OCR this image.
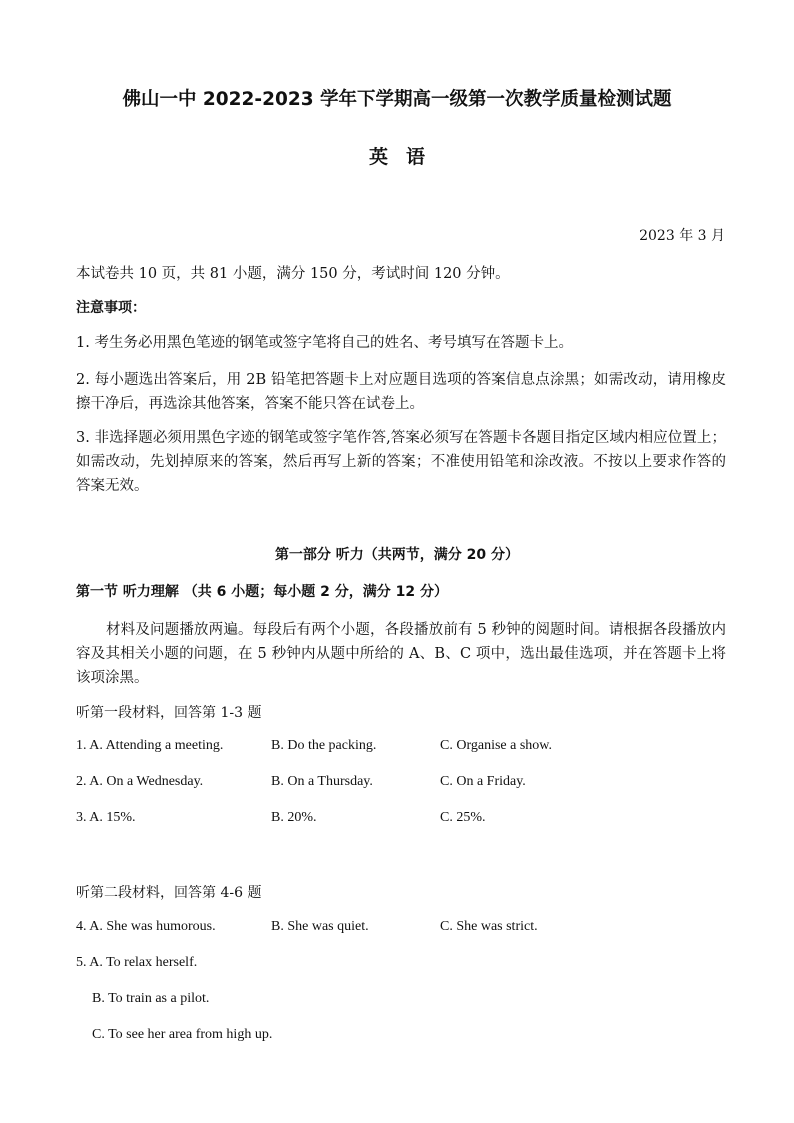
佛山一中 2022-2023 学年下学期高一级第一次教学质量检测试题
英语
2023 年 3 月
本试卷共 10 页，共 81 小题，满分 150 分，考试时间 120 分钟。
注意事项：
1. 考生务必用黑色笔迹的钢笔或签字笔将自己的姓名、考号填写在答题卡上。
2. 每小题选出答案后，用 2B 铅笔把答题卡上对应题目选项的答案信息点涂黑；如需改动，请用橡皮擦干净后，再选涂其他答案，答案不能只答在试卷上。
3. 非选择题必须用黑色字迹的钢笔或签字笔作答,答案必须写在答题卡各题目指定区域内相应位置上；如需改动，先划掉原来的答案，然后再写上新的答案；不准使用铅笔和涂改液。不按以上要求作答的答案无效。
第一部分 听力（共两节，满分 20 分）
第一节 听力理解 （共 6 小题；每小题 2 分，满分 12 分）
材料及问题播放两遍。每段后有两个小题，各段播放前有 5 秒钟的阅题时间。请根据各段播放内容及其相关小题的问题，在 5 秒钟内从题中所给的 A、B、C 项中，选出最佳选项，并在答题卡上将该项涂黑。
听第一段材料，回答第 1-3 题
1. A. Attending a meeting.	B. Do the packing.	C. Organise a show.
2. A. On a Wednesday.	B. On a Thursday.	C. On a Friday.
3. A. 15%.	B. 20%.	C. 25%.
听第二段材料，回答第 4-6 题
4. A. She was humorous.	B. She was quiet.	C. She was strict.
5. A. To relax herself.
B. To train as a pilot.
C. To see her area from high up.
